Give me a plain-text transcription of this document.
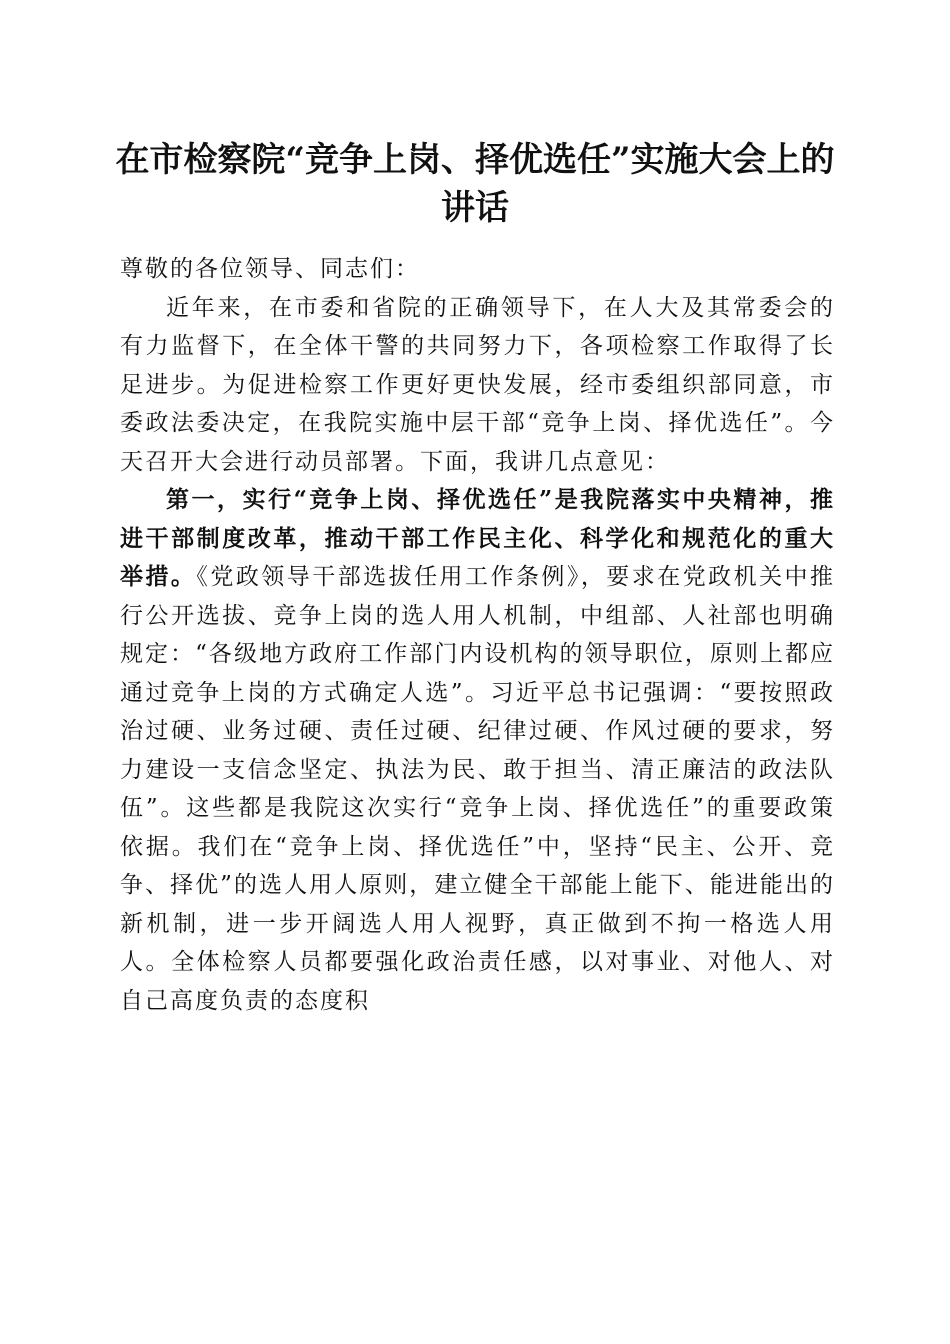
在市检察院“竞争上岗、择优选任”实施大会上的讲话

尊敬的各位领导、同志们：

近年来，在市委和省院的正确领导下，在人大及其常委会的有力监督下，在全体干警的共同努力下，各项检察工作取得了长足进步。为促进检察工作更好更快发展，经市委组织部同意，市委政法委决定，在我院实施中层干部“竞争上岗、择优选任”。今天召开大会进行动员部署。下面，我讲几点意见：

第一，实行“竞争上岗、择优选任”是我院落实中央精神，推进干部制度改革，推动干部工作民主化、科学化和规范化的重大举措。《党政领导干部选拔任用工作条例》，要求在党政机关中推行公开选拔、竞争上岗的选人用人机制，中组部、人社部也明确规定：“各级地方政府工作部门内设机构的领导职位，原则上都应通过竞争上岗的方式确定人选”。习近平总书记强调：“要按照政治过硬、业务过硬、责任过硬、纪律过硬、作风过硬的要求，努力建设一支信念坚定、执法为民、敢于担当、清正廉洁的政法队伍”。这些都是我院这次实行“竞争上岗、择优选任”的重要政策依据。我们在“竞争上岗、择优选任”中，坚持“民主、公开、竞争、择优”的选人用人原则，建立健全干部能上能下、能进能出的新机制，进一步开阔选人用人视野，真正做到不拘一格选人用人。全体检察人员都要强化政治责任感，以对事业、对他人、对自己高度负责的态度积
